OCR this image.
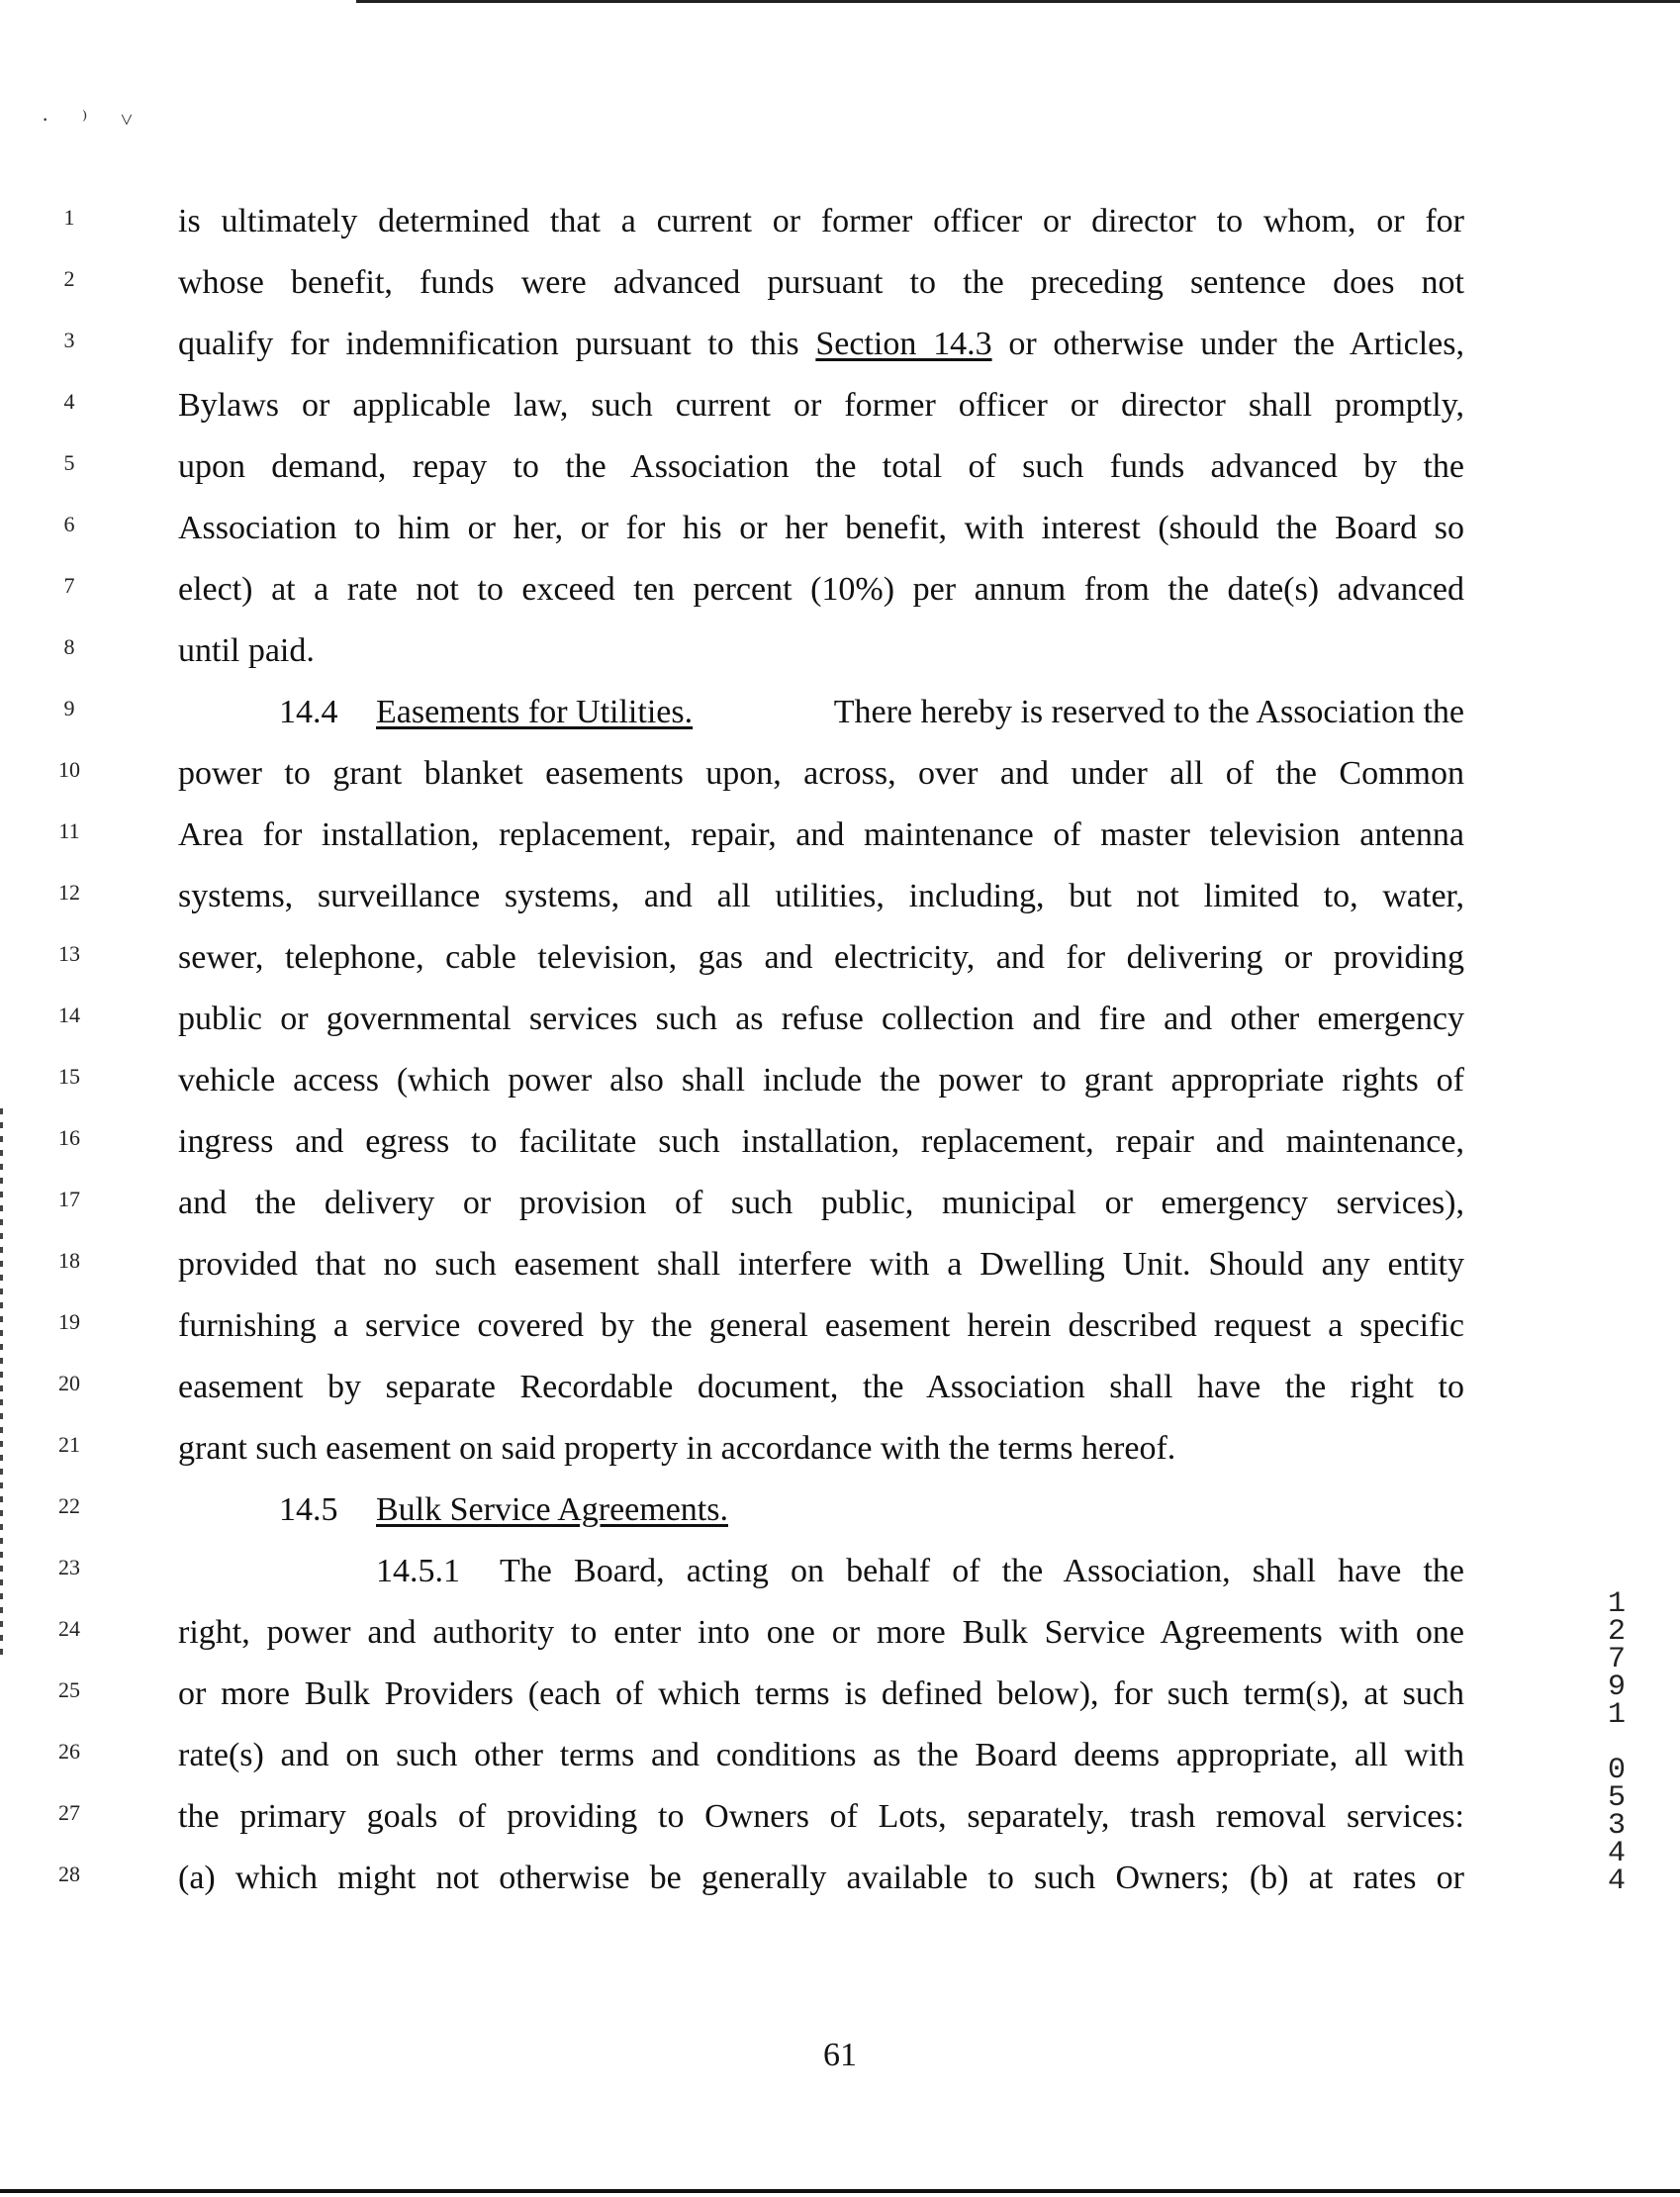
· ⁾ ˅
1	is ultimately determined that a current or former officer or director to whom, or for
2	whose benefit, funds were advanced pursuant to the preceding sentence does not
3	qualify for indemnification pursuant to this Section 14.3 or otherwise under the Articles,
4	Bylaws or applicable law, such current or former officer or director shall promptly,
5	upon demand, repay to the Association the total of such funds advanced by the
6	Association to him or her, or for his or her benefit, with interest (should the Board so
7	elect) at a rate not to exceed ten percent (10%) per annum from the date(s) advanced
8	until paid.
9	14.4 Easements for Utilities.	There hereby is reserved to the Association the
10	power to grant blanket easements upon, across, over and under all of the Common
11	Area for installation, replacement, repair, and maintenance of master television antenna
12	systems, surveillance systems, and all utilities, including, but not limited to, water,
13	sewer, telephone, cable television, gas and electricity, and for delivering or providing
14	public or governmental services such as refuse collection and fire and other emergency
15	vehicle access (which power also shall include the power to grant appropriate rights of
16	ingress and egress to facilitate such installation, replacement, repair and maintenance,
17	and the delivery or provision of such public, municipal or emergency services),
18	provided that no such easement shall interfere with a Dwelling Unit. Should any entity
19	furnishing a service covered by the general easement herein described request a specific
20	easement by separate Recordable document, the Association shall have the right to
21	grant such easement on said property in accordance with the terms hereof.
22	14.5 Bulk Service Agreements.
23	14.5.1 The Board, acting on behalf of the Association, shall have the
24	right, power and authority to enter into one or more Bulk Service Agreements with one
25	or more Bulk Providers (each of which terms is defined below), for such term(s), at such
26	rate(s) and on such other terms and conditions as the Board deems appropriate, all with
27	the primary goals of providing to Owners of Lots, separately, trash removal services:
28	(a) which might not otherwise be generally available to such Owners; (b) at rates or
1
2
7
9
1
0
5
3
4
4
61
